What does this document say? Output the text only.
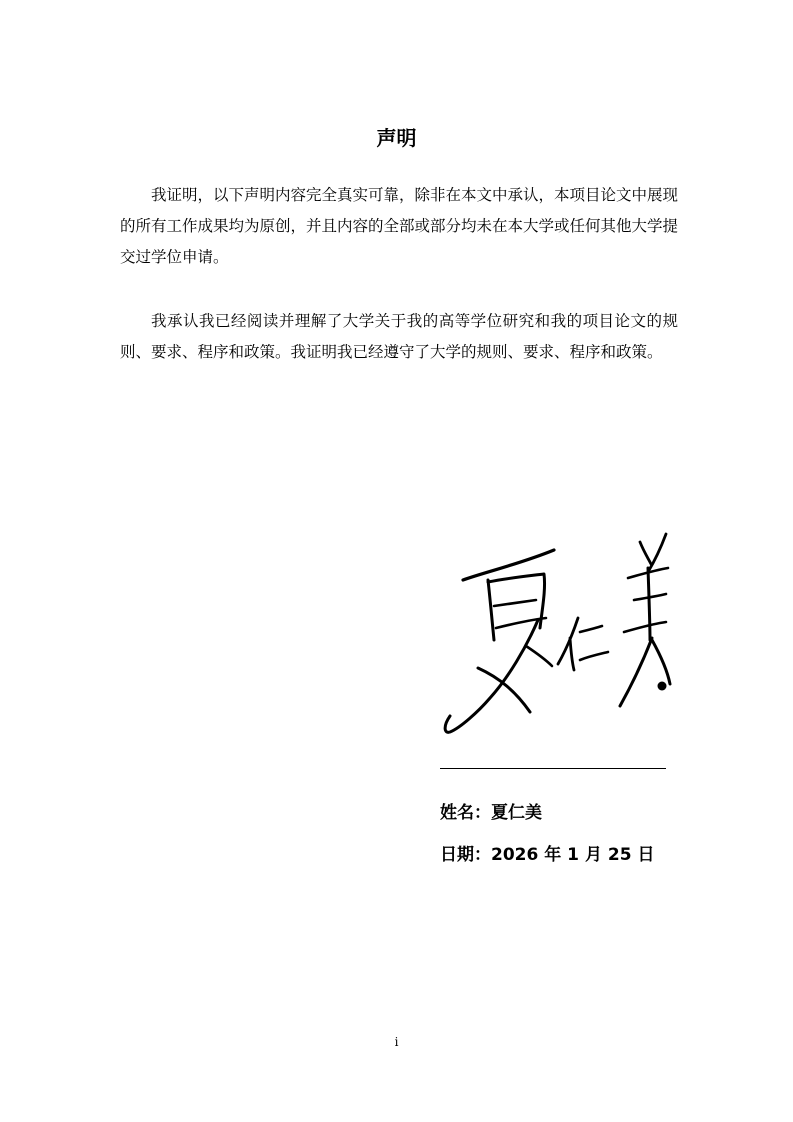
声明

我证明，以下声明内容完全真实可靠，除非在本文中承认，本项目论文中展现的所有工作成果均为原创，并且内容的全部或部分均未在本大学或任何其他大学提交过学位申请。

我承认我已经阅读并理解了大学关于我的高等学位研究和我的项目论文的规则、要求、程序和政策。我证明我已经遵守了大学的规则、要求、程序和政策。

姓名：夏仁美
日期：2026 年 1 月 25 日
i
